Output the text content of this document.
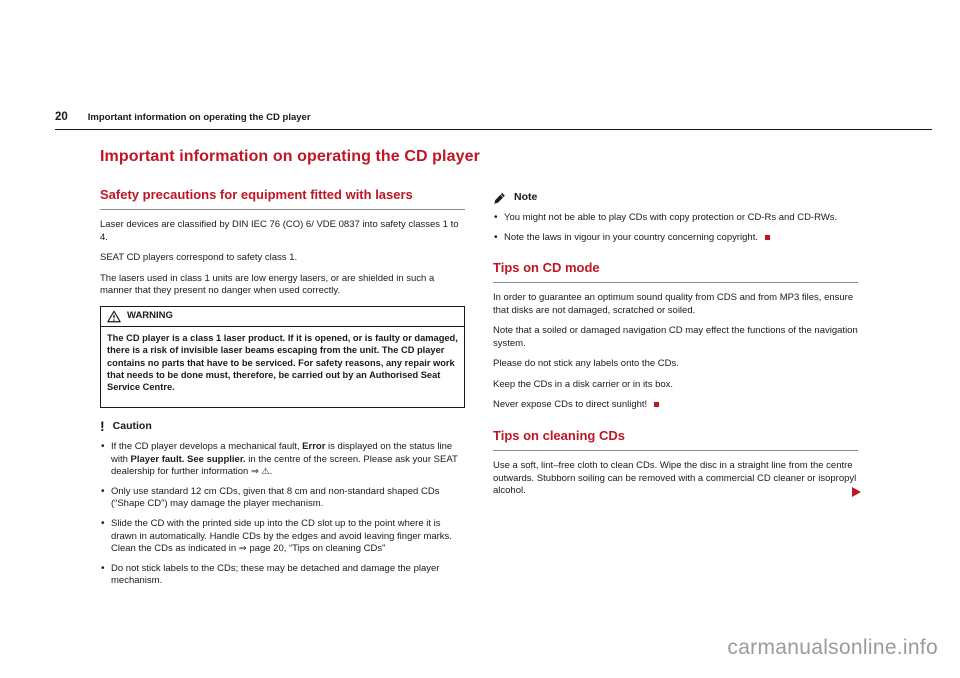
20 Important information on operating the CD player
Important information on operating the CD player
Safety precautions for equipment fitted with lasers

Laser devices are classified by DIN IEC 76 (CO) 6/ VDE 0837 into safety classes 1 to 4.

SEAT CD players correspond to safety class 1.

The lasers used in class 1 units are low energy lasers, or are shielded in such a manner that they present no danger when used correctly.

WARNING

The CD player is a class 1 laser product. If it is opened, or is faulty or damaged, there is a risk of invisible laser beams escaping from the unit. The CD player contains no parts that have to be serviced. For safety reasons, any repair work that needs to be done must, therefore, be carried out by an Authorised Seat Service Centre.

! Caution
• If the CD player develops a mechanical fault, Error is displayed on the status line with Player fault. See supplier. in the centre of the screen. Please ask your SEAT dealership for further information ⇒ ⚠.
• Only use standard 12 cm CDs, given that 8 cm and non-standard shaped CDs (“Shape CD”) may damage the player mechanism.
• Slide the CD with the printed side up into the CD slot up to the point where it is drawn in automatically. Handle CDs by the edges and avoid leaving finger marks. Clean the CDs as indicated in ⇒ page 20, “Tips on cleaning CDs”
• Do not stick labels to the CDs; these may be detached and damage the player mechanism.
Note
• You might not be able to play CDs with copy protection or CD-Rs and CD-RWs.
• Note the laws in vigour in your country concerning copyright.
Tips on CD mode

In order to guarantee an optimum sound quality from CDS and from MP3 files, ensure that disks are not damaged, scratched or soiled.

Note that a soiled or damaged navigation CD may effect the functions of the navigation system.

Please do not stick any labels onto the CDs.

Keep the CDs in a disk carrier or in its box.

Never expose CDs to direct sunlight!

Tips on cleaning CDs

Use a soft, lint–free cloth to clean CDs. Wipe the disc in a straight line from the centre outwards. Stubborn soiling can be removed with a commercial CD cleaner or isopropyl alcohol.

carmanualsonline.info
